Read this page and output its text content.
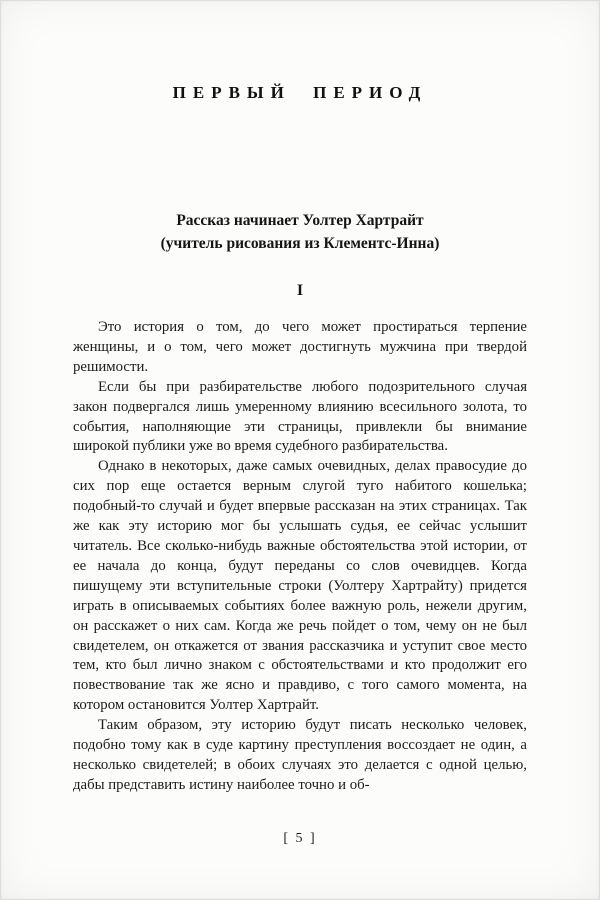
ПЕРВЫЙ ПЕРИОД
Рассказ начинает Уолтер Хартрайт
(учитель рисования из Клементс-Инна)
I

Это история о том, до чего может простираться терпение женщины, и о том, чего может достигнуть мужчина при твердой решимости.

Если бы при разбирательстве любого подозрительного случая закон подвергался лишь умеренному влиянию всесильного золота, то события, наполняющие эти страницы, привлекли бы внимание широкой публики уже во время судебного разбирательства.

Однако в некоторых, даже самых очевидных, делах правосудие до сих пор еще остается верным слугой туго набитого кошелька; подобный-то случай и будет впервые рассказан на этих страницах. Так же как эту историю мог бы услышать судья, ее сейчас услышит читатель. Все сколько-нибудь важные обстоятельства этой истории, от ее начала до конца, будут переданы со слов очевидцев. Когда пишущему эти вступительные строки (Уолтеру Хартрайту) придется играть в описываемых событиях более важную роль, нежели другим, он расскажет о них сам. Когда же речь пойдет о том, чему он не был свидетелем, он откажется от звания рассказчика и уступит свое место тем, кто был лично знаком с обстоятельствами и кто продолжит его повествование так же ясно и правдиво, с того самого момента, на котором остановится Уолтер Хартрайт.

Таким образом, эту историю будут писать несколько человек, подобно тому как в суде картину преступления воссоздает не один, а несколько свидетелей; в обоих случаях это делается с одной целью, дабы представить истину наиболее точно и об-

[ 5 ]
